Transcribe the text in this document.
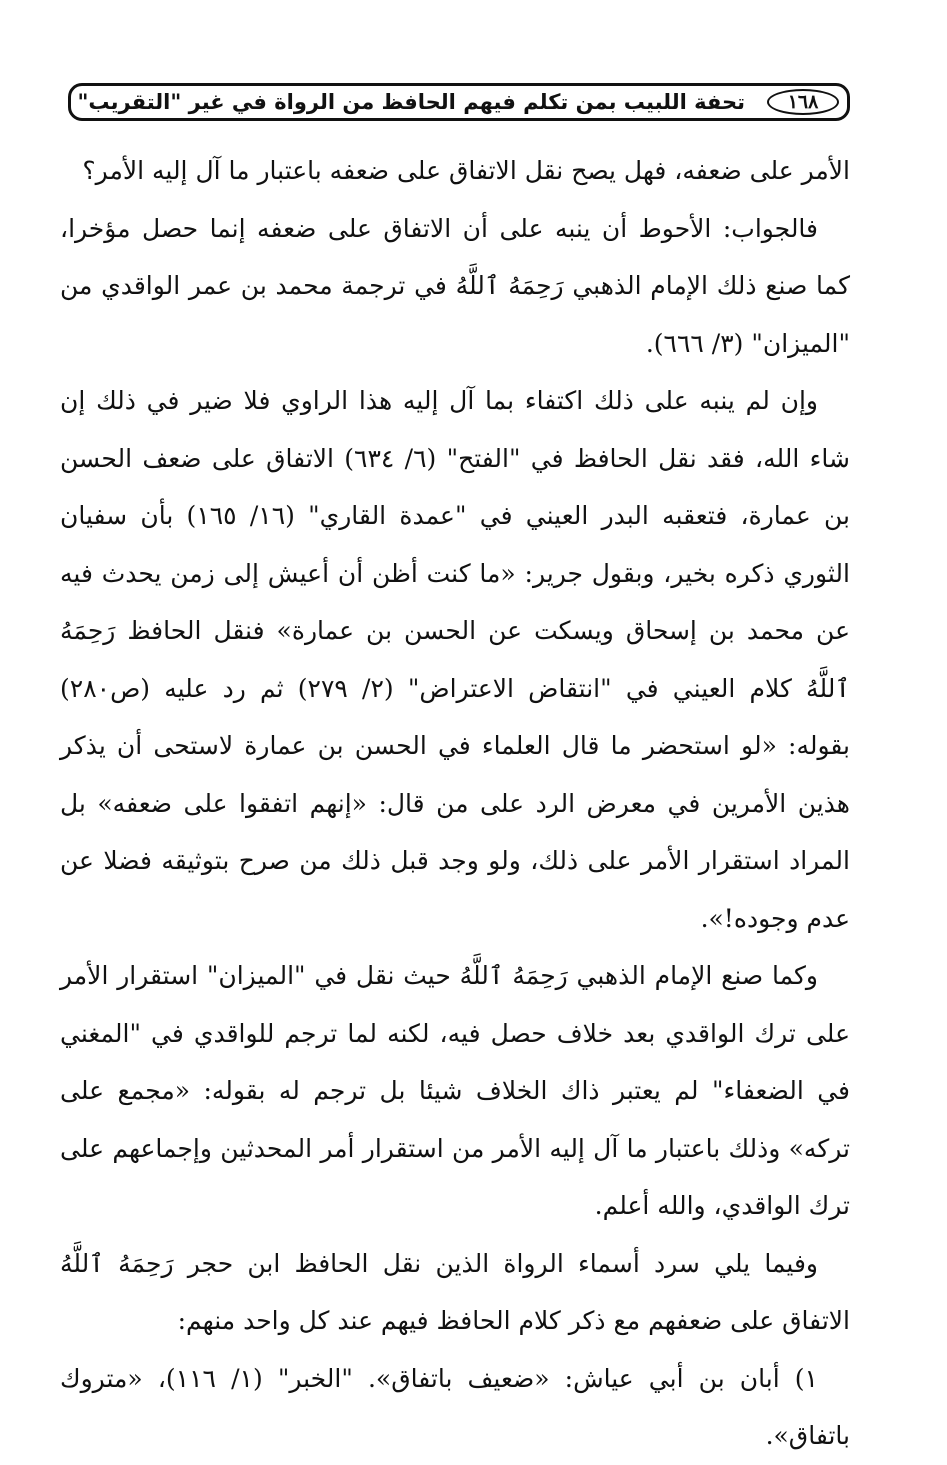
١٦٨
تحفة اللبيب بمن تكلم فيهم الحافظ من الرواة في غير "التقريب"

الأمر على ضعفه، فهل يصح نقل الاتفاق على ضعفه باعتبار ما آل إليه الأمر؟

فالجواب: الأحوط أن ينبه على أن الاتفاق على ضعفه إنما حصل مؤخرا، كما صنع ذلك الإمام الذهبي رَحِمَهُ ٱللَّهُ في ترجمة محمد بن عمر الواقدي من "الميزان" (٣/ ٦٦٦).

وإن لم ينبه على ذلك اكتفاء بما آل إليه هذا الراوي فلا ضير في ذلك إن شاء الله، فقد نقل الحافظ في "الفتح" (٦/ ٦٣٤) الاتفاق على ضعف الحسن بن عمارة، فتعقبه البدر العيني في "عمدة القاري" (١٦/ ١٦٥) بأن سفيان الثوري ذكره بخير، وبقول جرير: «ما كنت أظن أن أعيش إلى زمن يحدث فيه عن محمد بن إسحاق ويسكت عن الحسن بن عمارة» فنقل الحافظ رَحِمَهُ ٱللَّهُ كلام العيني في "انتقاض الاعتراض" (٢/ ٢٧٩) ثم رد عليه (ص٢٨٠) بقوله: «لو استحضر ما قال العلماء في الحسن بن عمارة لاستحى أن يذكر هذين الأمرين في معرض الرد على من قال: «إنهم اتفقوا على ضعفه» بل المراد استقرار الأمر على ذلك، ولو وجد قبل ذلك من صرح بتوثيقه فضلا عن عدم وجوده!».

وكما صنع الإمام الذهبي رَحِمَهُ ٱللَّهُ حيث نقل في "الميزان" استقرار الأمر على ترك الواقدي بعد خلاف حصل فيه، لكنه لما ترجم للواقدي في "المغني في الضعفاء" لم يعتبر ذاك الخلاف شيئا بل ترجم له بقوله: «مجمع على تركه» وذلك باعتبار ما آل إليه الأمر من استقرار أمر المحدثين وإجماعهم على ترك الواقدي، والله أعلم.

وفيما يلي سرد أسماء الرواة الذين نقل الحافظ ابن حجر رَحِمَهُ ٱللَّهُ الاتفاق على ضعفهم مع ذكر كلام الحافظ فيهم عند كل واحد منهم:

١) أبان بن أبي عياش: «ضعيف باتفاق». "الخبر" (١/ ١١٦)، «متروك باتفاق».
